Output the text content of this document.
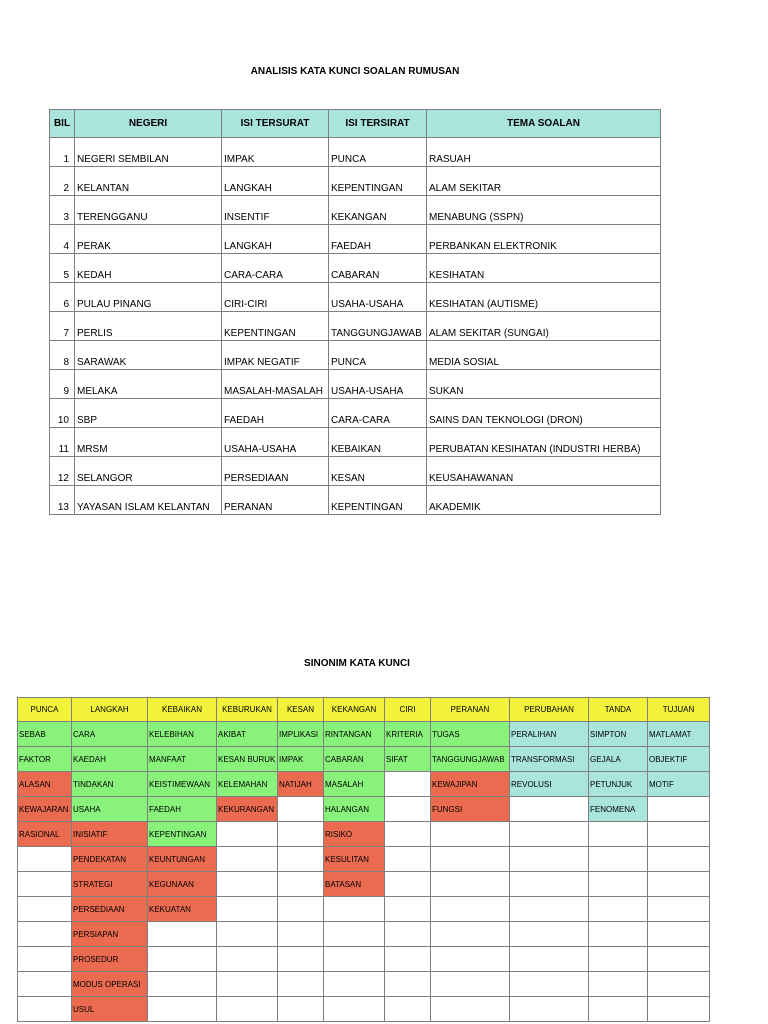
ANALISIS KATA KUNCI SOALAN RUMUSAN
BIL	NEGERI	ISI TERSURAT	ISI TERSIRAT	TEMA SOALAN
1	NEGERI SEMBILAN	IMPAK	PUNCA	RASUAH
2	KELANTAN	LANGKAH	KEPENTINGAN	ALAM SEKITAR
3	TERENGGANU	INSENTIF	KEKANGAN	MENABUNG (SSPN)
4	PERAK	LANGKAH	FAEDAH	PERBANKAN ELEKTRONIK
5	KEDAH	CARA-CARA	CABARAN	KESIHATAN
6	PULAU PINANG	CIRI-CIRI	USAHA-USAHA	KESIHATAN (AUTISME)
7	PERLIS	KEPENTINGAN	TANGGUNGJAWAB	ALAM SEKITAR (SUNGAI)
8	SARAWAK	IMPAK NEGATIF	PUNCA	MEDIA SOSIAL
9	MELAKA	MASALAH-MASALAH	USAHA-USAHA	SUKAN
10	SBP	FAEDAH	CARA-CARA	SAINS DAN TEKNOLOGI (DRON)
11	MRSM	USAHA-USAHA	KEBAIKAN	PERUBATAN KESIHATAN (INDUSTRI HERBA)
12	SELANGOR	PERSEDIAAN	KESAN	KEUSAHAWANAN
13	YAYASAN ISLAM KELANTAN	PERANAN	KEPENTINGAN	AKADEMIK
SINONIM KATA KUNCI
PUNCA	LANGKAH	KEBAIKAN	KEBURUKAN	KESAN	KEKANGAN	CIRI	PERANAN	PERUBAHAN	TANDA	TUJUAN
SEBAB	CARA	KELEBIHAN	AKIBAT	IMPLIKASI	RINTANGAN	KRITERIA	TUGAS	PERALIHAN	SIMPTON	MATLAMAT
FAKTOR	KAEDAH	MANFAAT	KESAN BURUK	IMPAK	CABARAN	SIFAT	TANGGUNGJAWAB	TRANSFORMASI	GEJALA	OBJEKTIF
ALASAN	TINDAKAN	KEISTIMEWAAN	KELEMAHAN	NATIJAH	MASALAH		KEWAJIPAN	REVOLUSI	PETUNJUK	MOTIF
KEWAJARAN	USAHA	FAEDAH	KEKURANGAN		HALANGAN		FUNGSI		FENOMENA	
RASIONAL	INISIATIF	KEPENTINGAN			RISIKO					
	PENDEKATAN	KEUNTUNGAN			KESULITAN					
	STRATEGI	KEGUNAAN			BATASAN					
	PERSEDIAAN	KEKUATAN								
	PERSIAPAN									
	PROSEDUR									
	MODUS OPERASI									
	USUL									
